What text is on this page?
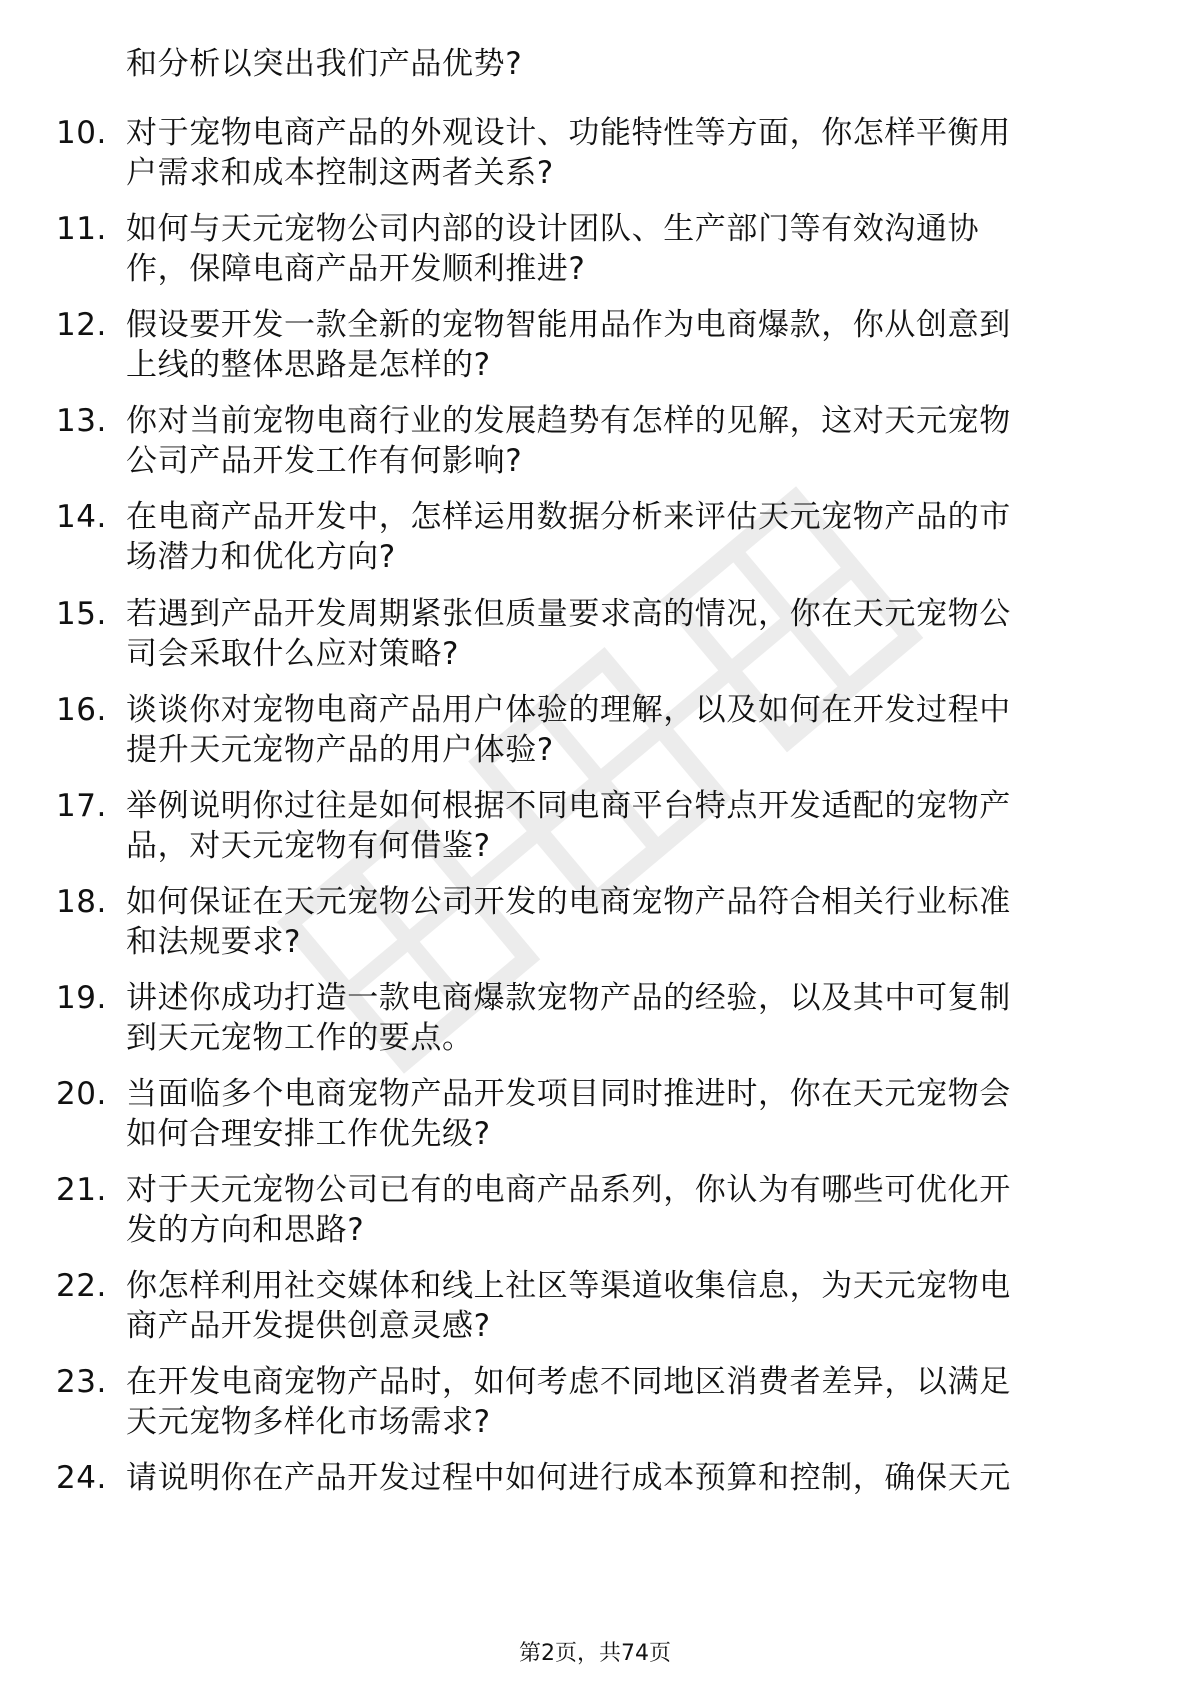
和分析以突出我们产品优势?
10. 对于宠物电商产品的外观设计、功能特性等方面，你怎样平衡用
户需求和成本控制这两者关系?
11. 如何与天元宠物公司内部的设计团队、生产部门等有效沟通协
作，保障电商产品开发顺利推进?
12. 假设要开发一款全新的宠物智能用品作为电商爆款，你从创意到
上线的整体思路是怎样的?
13. 你对当前宠物电商行业的发展趋势有怎样的见解，这对天元宠物
公司产品开发工作有何影响?
14. 在电商产品开发中，怎样运用数据分析来评估天元宠物产品的市
场潜力和优化方向?
15. 若遇到产品开发周期紧张但质量要求高的情况，你在天元宠物公
司会采取什么应对策略?
16. 谈谈你对宠物电商产品用户体验的理解，以及如何在开发过程中
提升天元宠物产品的用户体验?
17. 举例说明你过往是如何根据不同电商平台特点开发适配的宠物产
品，对天元宠物有何借鉴?
18. 如何保证在天元宠物公司开发的电商宠物产品符合相关行业标准
和法规要求?
19. 讲述你成功打造一款电商爆款宠物产品的经验，以及其中可复制
到天元宠物工作的要点。
20. 当面临多个电商宠物产品开发项目同时推进时，你在天元宠物会
如何合理安排工作优先级?
21. 对于天元宠物公司已有的电商产品系列，你认为有哪些可优化开
发的方向和思路?
22. 你怎样利用社交媒体和线上社区等渠道收集信息，为天元宠物电
商产品开发提供创意灵感?
23. 在开发电商宠物产品时，如何考虑不同地区消费者差异，以满足
天元宠物多样化市场需求?
24. 请说明你在产品开发过程中如何进行成本预算和控制，确保天元
第2页，共74页
